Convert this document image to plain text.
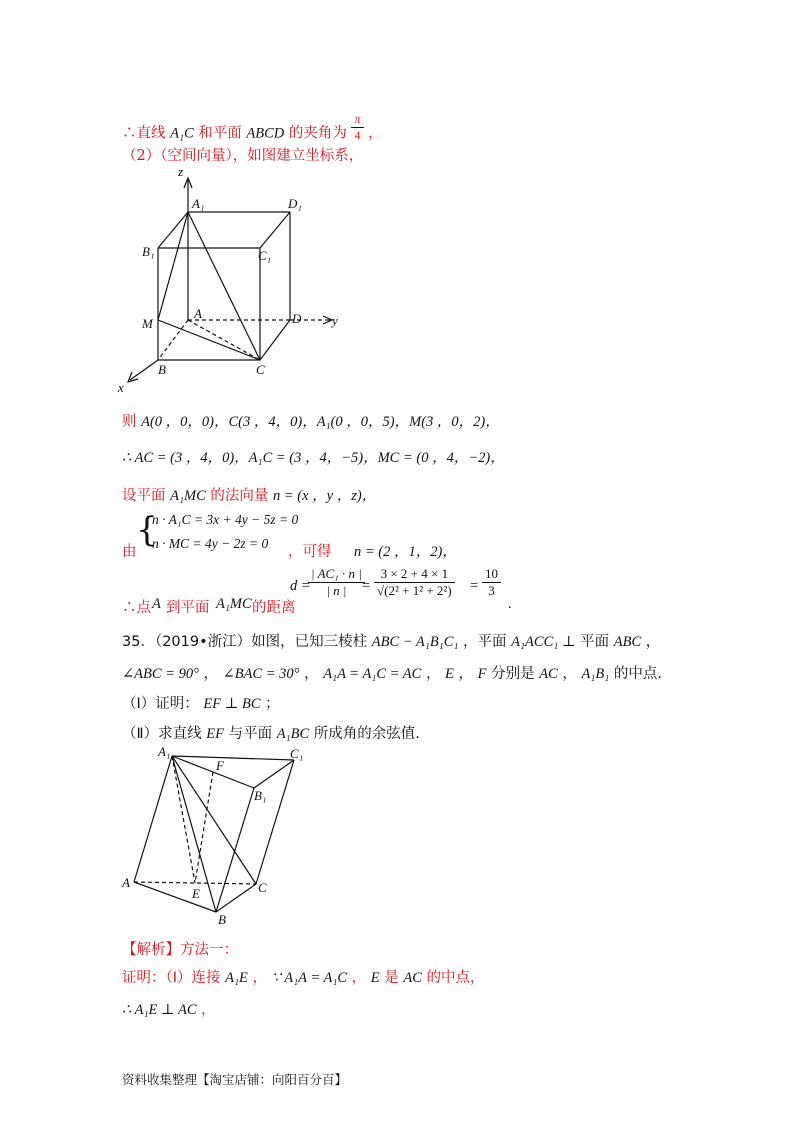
∴直线 A₁C 和平面 ABCD 的夹角为 $\frac{\pi}{4}$ ，
（2）（空间向量），如图建立坐标系，
z
y
x
A₁	D₁
B₁	C₁
M
A	D
B	C
则 A(0 ，0，0)，C(3 ，4，0)，A₁(0 ，0，5)，M(3 ，0，2)，
∴ AC = (3 ，4，0)，A₁C = (3 ，4，−5)，MC = (0 ，4，−2)，
设平面 A₁MC 的法向量 n = (x ，y ，z)，
由
{
n · A₁C = 3x + 4y − 5z = 0
n · MC = 4y − 2z = 0
，可得 n = (2 ，1，2)，
∴点 A 到平面 A₁MC 的距离
d =
$\frac{\text{| AC₁ · n |}}{| n |}$
= $\frac{3 \times 2 + 4 \times 1}{\text{√(2² + 1² + 2²)}} = \frac{10}{3}$
.
35．（2019•浙江）如图，已知三棱柱 ABC − A₁B₁C₁ ，平面 A₁ACC₁ ⊥ 平面 ABC ，
∠ABC = 90° ， ∠BAC = 30° ， A₁A = A₁C = AC ， E ， F 分别是 AC ， A₁B₁ 的中点.
（Ⅰ）证明： EF ⊥ BC ；
（Ⅱ）求直线 EF 与平面 A₁BC 所成角的余弦值.
A₁
F
C₁
B₁
A
E	C
B
【解析】方法一：
证明：（Ⅰ）连接 A₁E ， ∵ A₁A = A₁C ， E 是 AC 的中点，
∴ A₁E ⊥ AC ，
资料收集整理【淘宝店铺：向阳百分百】
